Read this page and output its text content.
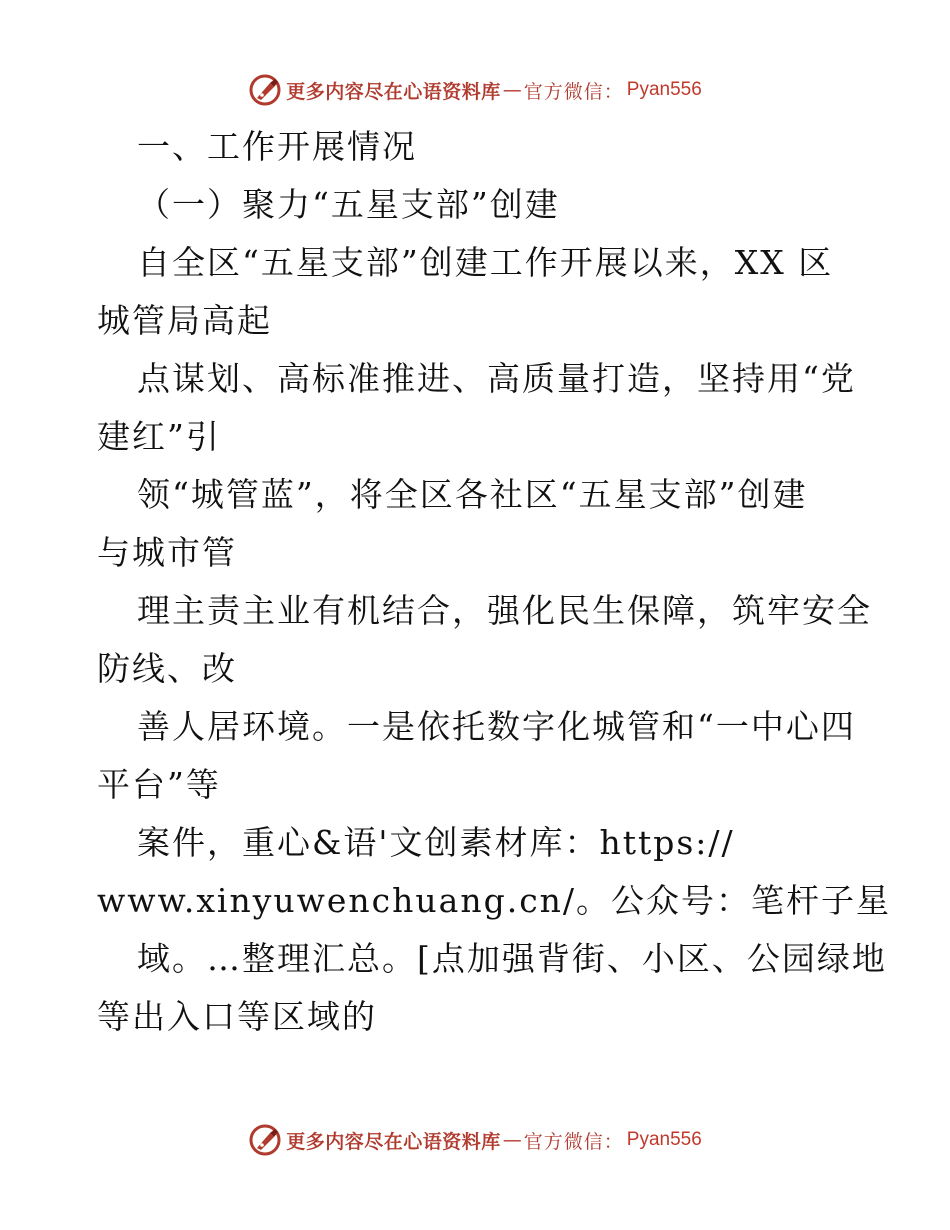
更多内容尽在心语资料库 — 官方微信 ： Pyan556
一、工作开展情况
（一）聚力“五星支部”创建
自全区“五星支部”创建工作开展以来，XX 区
城管局高起
点谋划、高标准推进、高质量打造，坚持用“党
建红”引
领“城管蓝”，将全区各社区“五星支部”创建
与城市管
理主责主业有机结合，强化民生保障，筑牢安全
防线、改
善人居环境。一是依托数字化城管和“一中心四
平台”等
案件，重心&语'文创素材库：https://
www.xinyuwenchuang.cn/。公众号：笔杆子星
域。…整理汇总。[点加强背街、小区、公园绿地
等出入口等区域的
更多内容尽在心语资料库 — 官方微信 ： Pyan556
